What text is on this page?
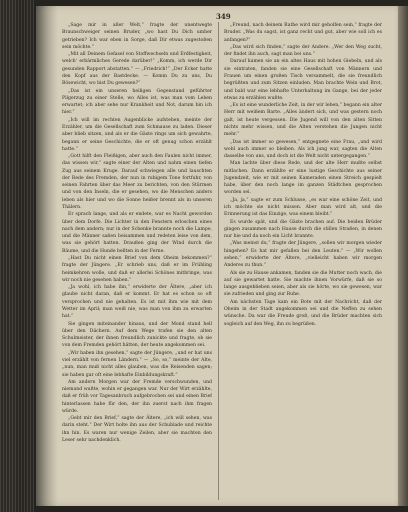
349

„Sage mir in aller Welt,“ fragte der unentwegte Braunschweiger seinen Bruder, „wo hast Du Dich umher getrieben? Ich war eben in Sorge, daß Dir etwas zugestoßen sein möchte.“

„Mit all Deinem Gefasel von Stoffwechseln und Erdfestigkeit, welch' erbärmliches Gerede darüber!“ „Komm, ich werde Dir gesunden Rapport abstatten.“ — „Friedrich!“ „Der Ecker hatte den Kopf aus der Bastdecke. — Komm Du zu uns, Du Bösewicht, wo bist Du gewesen?“

„Das ist ein unseren heiligen Gegenstand geführter Pilgerzug zu einer Stelle, wo Alles ist, was man vom Leben erwartet; ich aber sehe nur Krankheit und Not, darum bin ich hier.“

„Ich will im rechten Augenblicke aufstehen, meinte der Erzähler, um die Gesellschaft zum Schmause zu laden. Dieser aber blieb sitzen, und als er die Gäste rings um sich gewahrte, begann er seine Geschichte, die er oft genug schon erzählt hatte.“

„Gott hilft den Fleißigen, aber auch den Faulen nicht immer, das wissen wir,“ sagte einer der Alten und nahm einen tiefen Zug aus seinem Kruge. Darauf schwiegen alle und lauschten der Rede des Fremden, der nun in ruhigem Tone fortfuhr, von seinen Fahrten über das Meer zu berichten, von den Stürmen und von den Inseln, die er gesehen, wo die Menschen anders leben als hier und wo die Sonne heißer brennt als in unseren Thälern.

Er sprach lange, und als er endete, war es Nacht geworden über dem Dorfe. Die Lichter in den Fenstern erloschen eines nach dem andern; nur in der Schenke brannte noch die Lampe, und die Männer saßen beisammen und redeten leise von dem, was sie gehört hatten. Draußen ging der Wind durch die Bäume, und die Hunde bellten in der Ferne.

„Hast Du nicht einen Brief von dem Oheim bekommen?“ fragte der Jüngere. „Er schrieb uns, daß er im Frühling heimkehren wolle, und daß er allerlei Schönes mitbringe, was wir noch nie gesehen haben.“

„Ja wohl, ich habe ihn,“ erwiderte der Ältere, „aber ich glaube nicht daran, daß er kommt. Er hat es schon so oft versprochen und nie gehalten. Es ist mit ihm wie mit dem Wetter im April; man weiß nie, was man von ihm zu erwarten hat.“

Sie gingen miteinander hinaus, und der Mond stand hell über den Dächern. Auf dem Wege trafen sie den alten Schulmeister, der ihnen freundlich zunickte und fragte, ob sie von dem Fremden gehört hätten, der heute angekommen sei.

„Wir haben ihn gesehen,“ sagte der Jüngere, „und er hat uns viel erzählt von fernen Ländern.“ — „So, so,“ meinte der Alte, „nun, man muß nicht alles glauben, was die Reisenden sagen; sie haben gar oft eine lebhafte Einbildungskraft.“

Am andern Morgen war der Fremde verschwunden, und niemand wußte, wohin er gegangen war. Nur der Wirt erzählte, daß er früh vor Tagesanbruch aufgebrochen sei und einen Brief hinterlassen habe für den, der ihn zuerst nach ihm fragen würde.

„Gebt mir den Brief,“ sagte der Ältere, „ich will sehen, was darin steht.“ Der Wirt holte ihn aus der Schublade und reichte ihn hin. Es waren nur wenige Zeilen, aber sie machten den Leser sehr nachdenklich.

„Freund, nach deinem Rathe wird mir geholfen sein,“ fragte der Bruder. „Was du sagst, ist ganz recht und gut, aber wie soll ich es anfangen?“

„Das wird sich finden,“ sagte der Andere. „Wer den Weg sucht, der findet ihn auch, sagt man bei uns.“

Darauf kamen sie an ein altes Haus mit hohen Giebeln, und als sie eintraten, fanden sie eine Gesellschaft von Männern und Frauen um einen großen Tisch versammelt, die sie freundlich begrüßten und zum Sitzen einluden. Man brachte Wein und Brot, und bald war eine lebhafte Unterhaltung im Gange, bei der jeder etwas zu erzählen wußte.

„Es ist eine wunderliche Zeit, in der wir leben,“ begann ein alter Herr mit weißem Barte. „Alles ändert sich, und was gestern noch galt, ist heute vergessen. Die Jugend will von den alten Sitten nichts mehr wissen, und die Alten verstehen die Jungen nicht mehr.“

„Das ist immer so gewesen,“ entgegnete eine Frau, „und wird wohl auch immer so bleiben. Als ich jung war, sagten die Alten dasselbe von uns, und doch ist die Welt nicht untergegangen.“

Man lachte über diese Rede, und der alte Herr mußte selbst mitlachen. Dann erzählte er eine lustige Geschichte aus seiner Jugendzeit, wie er mit seinen Kameraden einen Streich gespielt habe, über den noch lange im ganzen Städtchen gesprochen worden sei.

„Ja, ja,“ sagte er zum Schlusse, „es war eine schöne Zeit, und ich möchte sie nicht missen. Aber man wird alt, und die Erinnerung ist das Einzige, was einem bleibt.“

Es wurde spät, und die Gäste brachen auf. Die beiden Brüder gingen zusammen nach Hause durch die stillen Straßen, in denen nur hie und da noch ein Licht brannte.

„Was meinst du,“ fragte der Jüngere, „sollen wir morgen wieder hingehen? Es hat mir gefallen bei den Leuten.“ — „Wir wollen sehen,“ erwiderte der Ältere, „vielleicht haben wir morgen Anderes zu thun.“

Als sie zu Hause ankamen, fanden sie die Mutter noch wach, die auf sie gewartet hatte. Sie machte ihnen Vorwürfe, daß sie so lange ausgeblieben seien, aber als sie hörte, wo sie gewesen, war sie zufrieden und ging zur Ruhe.

Am nächsten Tage kam ein Bote mit der Nachricht, daß der Oheim in der Stadt angekommen sei und die Neffen zu sehen wünsche. Da war die Freude groß, und die Brüder machten sich sogleich auf den Weg, ihn zu begrüßen.
